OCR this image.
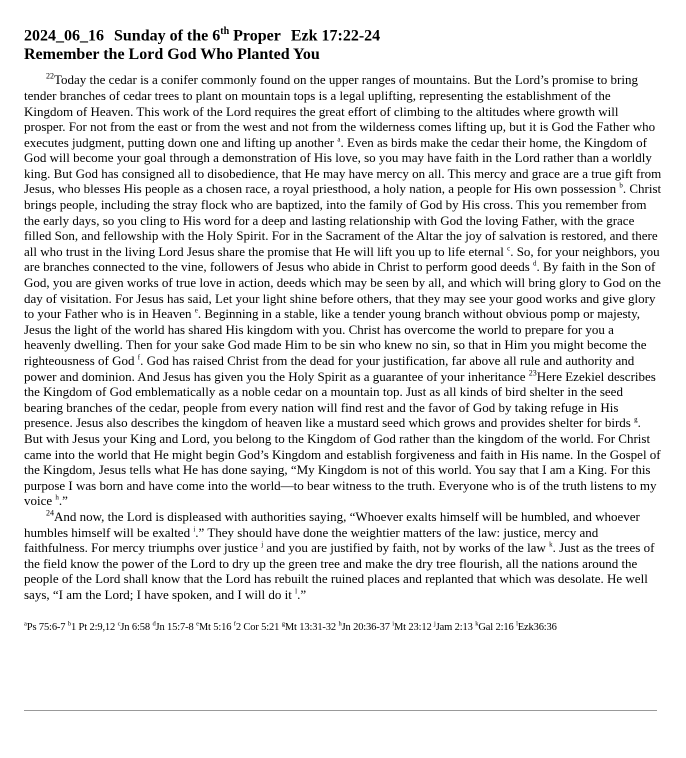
2024_06_16 Sunday of the 6th Proper Ezk 17:22-24
Remember the Lord God Who Planted You

$^{22}$Today the cedar is a conifer commonly found on the upper ranges of mountains. But the Lord’s promise to bring tender branches of cedar trees to plant on mountain tops is a legal uplifting, representing the establishment of the Kingdom of Heaven. This work of the Lord requires the great effort of climbing to the altitudes where growth will prosper. For not from the east or from the west and not from the wilderness comes lifting up, but it is God the Father who executes judgment, putting down one and lifting up another $^a$. Even as birds make the cedar their home, the Kingdom of God will become your goal through a demonstration of His love, so you may have faith in the Lord rather than a worldly king. But God has consigned all to disobedience, that He may have mercy on all. This mercy and grace are a true gift from Jesus, who blesses His people as a chosen race, a royal priesthood, a holy nation, a people for His own possession $^b$. Christ brings people, including the stray flock who are baptized, into the family of God by His cross. This you remember from the early days, so you cling to His word for a deep and lasting relationship with God the loving Father, with the grace filled Son, and fellowship with the Holy Spirit. For in the Sacrament of the Altar the joy of salvation is restored, and there all who trust in the living Lord Jesus share the promise that He will lift you up to life eternal $^c$. So, for your neighbors, you are branches connected to the vine, followers of Jesus who abide in Christ to perform good deeds $^d$. By faith in the Son of God, you are given works of true love in action, deeds which may be seen by all, and which will bring glory to God on the day of visitation. For Jesus has said, Let your light shine before others, that they may see your good works and give glory to your Father who is in Heaven $^e$. Beginning in a stable, like a tender young branch without obvious pomp or majesty, Jesus the light of the world has shared His kingdom with you. Christ has overcome the world to prepare for you a heavenly dwelling. Then for your sake God made Him to be sin who knew no sin, so that in Him you might become the righteousness of God $^f$. God has raised Christ from the dead for your justification, far above all rule and authority and power and dominion. And Jesus has given you the Holy Spirit as a guarantee of your inheritance $^{23}$Here Ezekiel describes the Kingdom of God emblematically as a noble cedar on a mountain top. Just as all kinds of bird shelter in the seed bearing branches of the cedar, people from every nation will find rest and the favor of God by taking refuge in His presence. Jesus also describes the kingdom of heaven like a mustard seed which grows and provides shelter for birds $^g$. But with Jesus your King and Lord, you belong to the Kingdom of God rather than the kingdom of the world. For Christ came into the world that He might begin God’s Kingdom and establish forgiveness and faith in His name. In the Gospel of the Kingdom, Jesus tells what He has done saying, “My Kingdom is not of this world. You say that I am a King. For this purpose I was born and have come into the world—to bear witness to the truth. Everyone who is of the truth listens to my voice $^h$.”

$^{24}$And now, the Lord is displeased with authorities saying, “Whoever exalts himself will be humbled, and whoever humbles himself will be exalted $^i$.” They should have done the weightier matters of the law: justice, mercy and faithfulness. For mercy triumphs over justice $^j$ and you are justified by faith, not by works of the law $^k$. Just as the trees of the field know the power of the Lord to dry up the green tree and make the dry tree flourish, all the nations around the people of the Lord shall know that the Lord has rebuilt the ruined places and replanted that which was desolate. He well says, “I am the Lord; I have spoken, and I will do it $^l$.”

$^a$Ps 75:6-7 $^b$1 Pt 2:9,12 $^c$Jn 6:58 $^d$Jn 15:7-8 $^e$Mt 5:16 $^f$2 Cor 5:21 $^g$Mt 13:31-32 $^h$Jn 20:36-37 $^i$Mt 23:12 $^j$Jam 2:13 $^k$Gal 2:16 $^l$Ezk36:36
